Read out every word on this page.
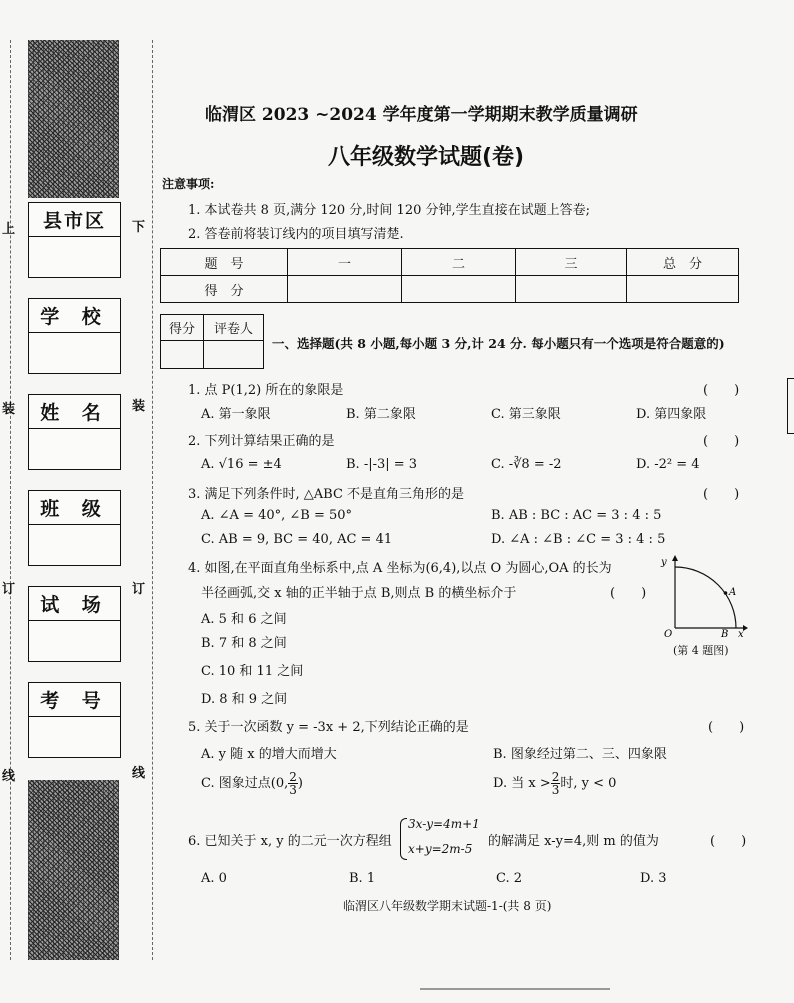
县市区
学 校
姓 名
班 级
试 场
考 号
上
装
订
线
下
装
订
线
临渭区 2023 ~2024 学年度第一学期期末教学质量调研
八年级数学试题(卷)
注意事项:
1. 本试卷共 8 页,满分 120 分,时间 120 分钟,学生直接在试题上答卷;
2. 答卷前将装订线内的项目填写清楚.
题　号	一	二	三	总　分
得　分				
得分	评卷人

一、选择题(共 8 小题,每小题 3 分,计 24 分. 每小题只有一个选项是符合题意的)
1. 点 P(1,2) 所在的象限是	(　　)
A. 第一象限	B. 第二象限	C. 第三象限	D. 第四象限
2. 下列计算结果正确的是	(　　)
A. √16 = ±4	B. -|-3| = 3	C. -∛8 = -2	D. -2² = 4
3. 满足下列条件时, △ABC 不是直角三角形的是	(　　)
A. ∠A = 40°, ∠B = 50°	B. AB : BC : AC = 3 : 4 : 5
C. AB = 9, BC = 40, AC = 41	D. ∠A : ∠B : ∠C = 3 : 4 : 5
4. 如图,在平面直角坐标系中,点 A 坐标为(6,4),以点 O 为圆心,OA 的长为
半径画弧,交 x 轴的正半轴于点 B,则点 B 的横坐标介于	(　　)
A. 5 和 6 之间
B. 7 和 8 之间
C. 10 和 11 之间
D. 8 和 9 之间
A
y
x
O	B
(第 4 题图)
5. 关于一次函数 y = -3x + 2,下列结论正确的是	(　　)
A. y 随 x 的增大而增大	B. 图象经过第二、三、四象限
C. 图象过点(0, $\frac{2}{3}$ )	D. 当 $x > \frac{2}{3}$ 时, y < 0
6. 已知关于 x, y 的二元一次方程组
3x-y=4m+1
x+y=2m-5 的解满足 x-y=4,则 m 的值为	(　　)
A. 0	B. 1	C. 2	D. 3
临渭区八年级数学期末试题-1-(共 8 页)
